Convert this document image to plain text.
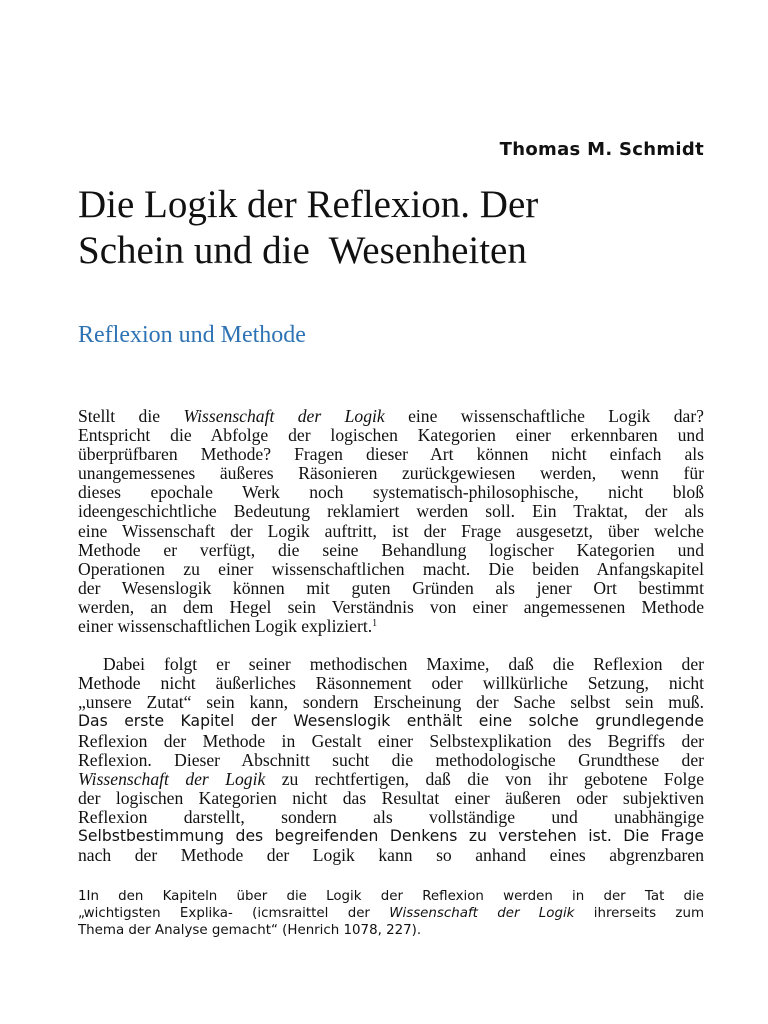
Thomas M. Schmidt
Die Logik der Reflexion. Der
Schein und die  Wesenheiten
Reflexion und Methode

Stellt die Wissenschaft der Logik eine wissenschaftliche Logik dar?
Entspricht die Abfolge der logischen Kategorien einer erkennbaren und
überprüfbaren Methode? Fragen dieser Art können nicht einfach als
unangemessenes äußeres Räsonieren zurückgewiesen werden, wenn für
dieses epochale Werk noch systematisch-philosophische, nicht bloß
ideengeschichtliche Bedeutung reklamiert werden soll. Ein Traktat, der als
eine Wissenschaft der Logik auftritt, ist der Frage ausgesetzt, über welche
Methode er verfügt, die seine Behandlung logischer Kategorien und
Operationen zu einer wissenschaftlichen macht. Die beiden Anfangskapitel
der Wesenslogik können mit guten Gründen als jener Ort bestimmt
werden, an dem Hegel sein Verständnis von einer angemessenen Methode
einer wissenschaftlichen Logik expliziert.$^1$

Dabei folgt er seiner methodischen Maxime, daß die Reflexion der
Methode nicht äußerliches Räsonnement oder willkürliche Setzung, nicht
„unsere Zutat“ sein kann, sondern Erscheinung der Sache selbst sein muß.
Das erste Kapitel der Wesenslogik enthält eine solche grundlegende
Reflexion der Methode in Gestalt einer Selbstexplikation des Begriffs der
Reflexion. Dieser Abschnitt sucht die methodologische Grundthese der
Wissenschaft der Logik zu rechtfertigen, daß die von ihr gebotene Folge
der logischen Kategorien nicht das Resultat einer äußeren oder subjektiven
Reflexion darstellt, sondern als vollständige und unabhängige
Selbstbestimmung des begreifenden Denkens zu verstehen ist. Die Frage
nach der Methode der Logik kann so anhand eines abgrenzbaren

1In den Kapiteln über die Logik der Reflexion werden in der Tat die
„wichtigsten Explika- (icmsraittel der Wissenschaft der Logik ihrerseits zum
Thema der Analyse gemacht“ (Henrich 1078, 227).
